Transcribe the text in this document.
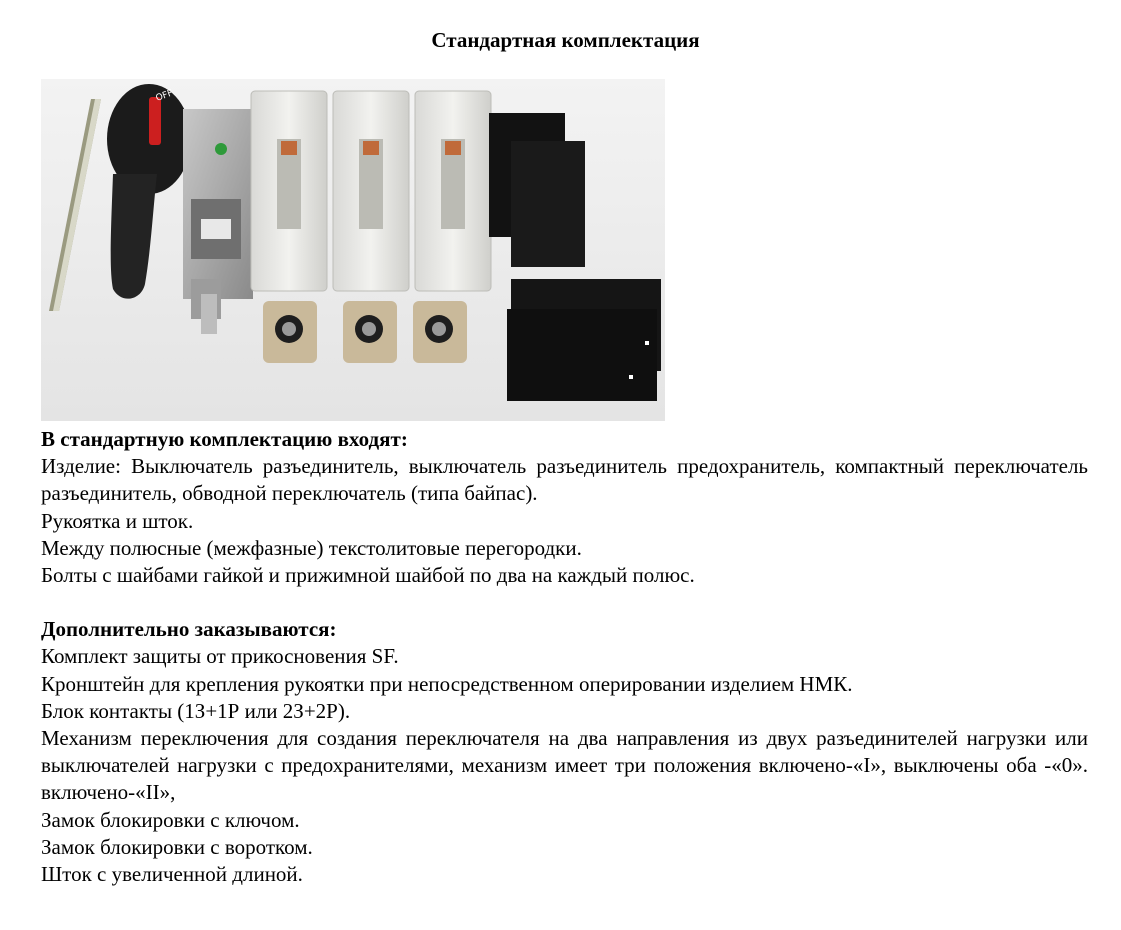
Стандартная комплектация
OFF

В стандартную комплектацию входят:

Изделие: Выключатель разъединитель, выключатель разъединитель предохранитель, компактный переключатель разъединитель, обводной переключатель (типа байпас).

Рукоятка и шток.

Между полюсные (межфазные) текстолитовые перегородки.

Болты с шайбами гайкой и прижимной шайбой по два на каждый полюс.

Дополнительно заказываются:

Комплект защиты от прикосновения SF.

Кронштейн для крепления рукоятки при непосредственном оперировании изделием НМК.

Блок контакты (1З+1Р или 2З+2Р).

Механизм переключения для создания переключателя на два направления из двух разъединителей нагрузки или выключателей нагрузки с предохранителями, механизм имеет три положения включено-«I», выключены оба -«0». включено-«II»,

Замок блокировки с ключом.

Замок блокировки с воротком.

Шток с увеличенной длиной.
